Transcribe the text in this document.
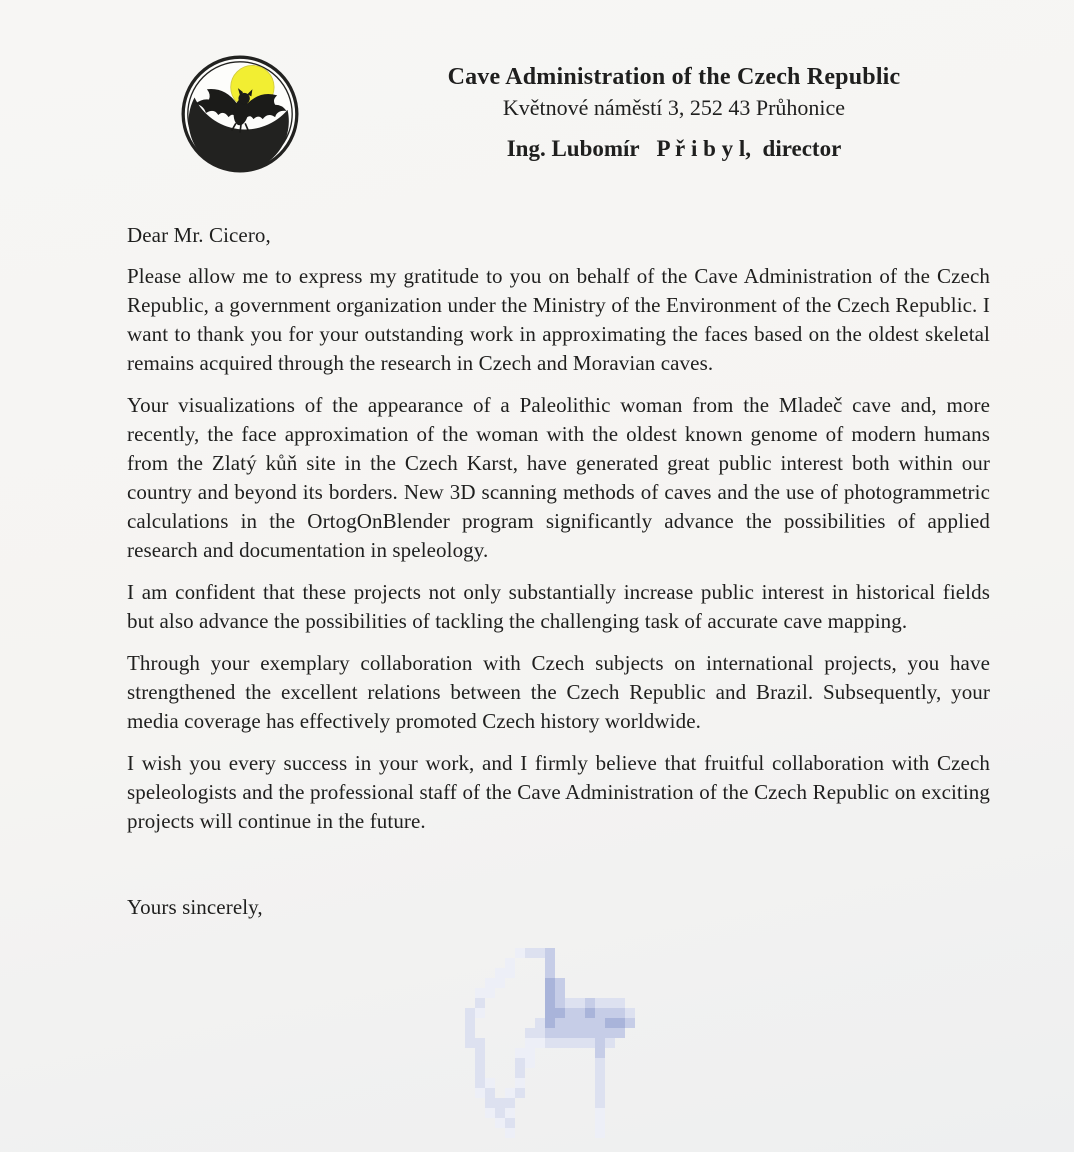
Cave Administration of the Czech Republic
Květnové náměstí 3, 252 43 Průhonice
Ing. Lubomír   P ř i b y l,  director
Dear Mr. Cicero,

Please allow me to express my gratitude to you on behalf of the Cave Administration of the Czech Republic, a government organization under the Ministry of the Environment of the Czech Republic. I want to thank you for your outstanding work in approximating the faces based on the oldest skeletal remains acquired through the research in Czech and Moravian caves.

Your visualizations of the appearance of a Paleolithic woman from the Mladeč cave and, more recently, the face approximation of the woman with the oldest known genome of modern humans from the Zlatý kůň site in the Czech Karst, have generated great public interest both within our country and beyond its borders. New 3D scanning methods of caves and the use of photogrammetric calculations in the OrtogOnBlender program significantly advance the possibilities of applied research and documentation in speleology.

I am confident that these projects not only substantially increase public interest in historical fields but also advance the possibilities of tackling the challenging task of accurate cave mapping.

Through your exemplary collaboration with Czech subjects on international projects, you have strengthened the excellent relations between the Czech Republic and Brazil. Subsequently, your media coverage has effectively promoted Czech history worldwide.

I wish you every success in your work, and I firmly believe that fruitful collaboration with Czech speleologists and the professional staff of the Cave Administration of the Czech Republic on exciting projects will continue in the future.

Yours sincerely,
